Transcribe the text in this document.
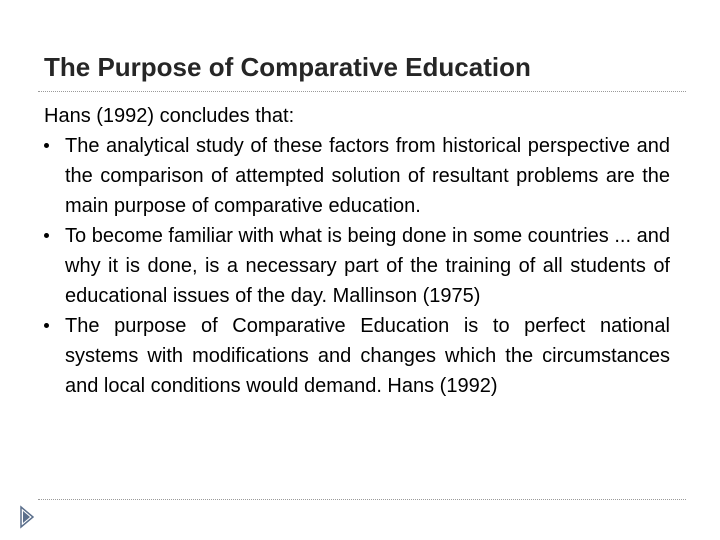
The Purpose of Comparative Education

Hans (1992) concludes that:

The analytical study of these factors from historical perspective and the comparison of attempted solution of resultant problems are the main purpose of comparative education.
To become familiar with what is being done in some countries ... and why it is done, is a necessary part of the training of all students of educational issues of the day. Mallinson (1975)
The purpose of Comparative Education is to perfect national systems with modifications and changes which the circumstances and local conditions would demand. Hans (1992)
